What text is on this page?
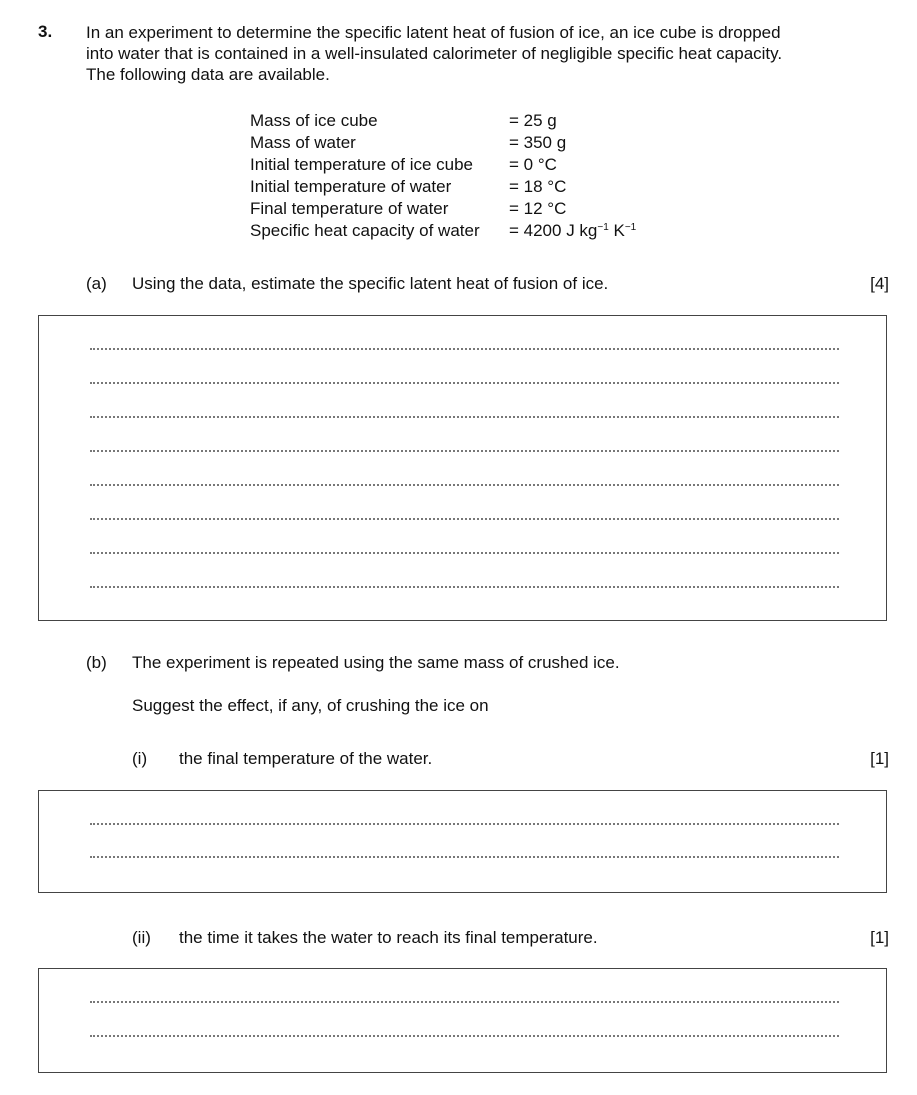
3. In an experiment to determine the specific latent heat of fusion of ice, an ice cube is dropped
into water that is contained in a well-insulated calorimeter of negligible specific heat capacity.
The following data are available.
Mass of ice cube	= 25 g
Mass of water	= 350 g
Initial temperature of ice cube	= 0 °C
Initial temperature of water	= 18 °C
Final temperature of water	= 12 °C
Specific heat capacity of water	= 4200 J $kg^{-1}$ $K^{-1}$
(a) Using the data, estimate the specific latent heat of fusion of ice.	[4]
(b) The experiment is repeated using the same mass of crushed ice.
Suggest the effect, if any, of crushing the ice on
(i) the final temperature of the water.	[1]
(ii) the time it takes the water to reach its final temperature.	[1]
